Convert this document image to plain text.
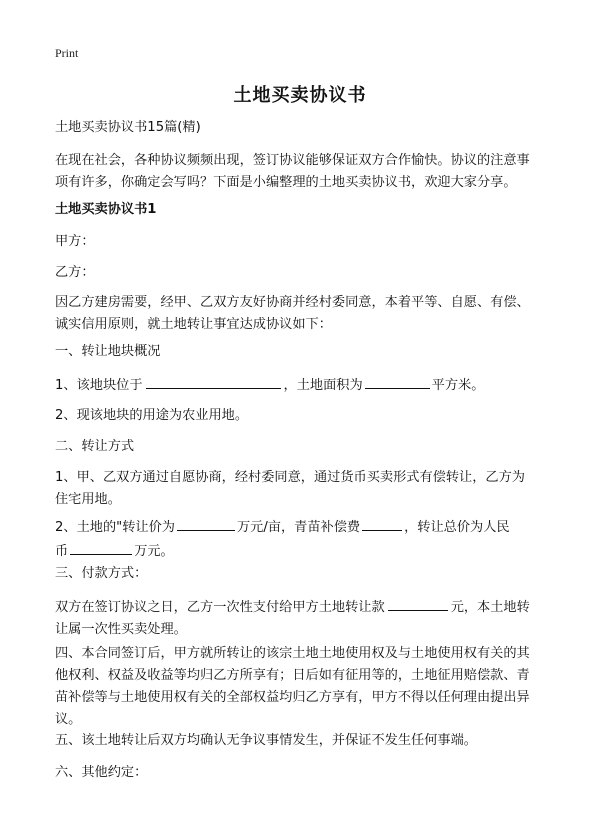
Print
土地买卖协议书

土地买卖协议书15篇(精)

在现在社会，各种协议频频出现，签订协议能够保证双方合作愉快。协议的注意事
项有许多，你确定会写吗？下面是小编整理的土地买卖协议书，欢迎大家分享。

土地买卖协议书1

甲方：

乙方：

因乙方建房需要，经甲、乙双方友好协商并经村委同意，本着平等、自愿、有偿、
诚实信用原则，就土地转让事宜达成协议如下：

一、转让地块概况

1、该地块位于	，土地面积为	平方米。

2、现该地块的用途为农业用地。

二、转让方式

1、甲、乙双方通过自愿协商，经村委同意，通过货币买卖形式有偿转让，乙方为
住宅用地。
2、土地的"转让价为	万元/亩，青苗补偿费	，转让总价为人民
币	万元。

三、付款方式：

双方在签订协议之日，乙方一次性支付给甲方土地转让款	元，本土地转
让属一次性买卖处理。
四、本合同签订后，甲方就所转让的该宗土地土地使用权及与土地使用权有关的其
他权利、权益及收益等均归乙方所享有；日后如有征用等的，土地征用赔偿款、青
苗补偿等与土地使用权有关的全部权益均归乙方享有，甲方不得以任何理由提出异
议。

五、该土地转让后双方均确认无争议事情发生，并保证不发生任何事端。

六、其他约定：
